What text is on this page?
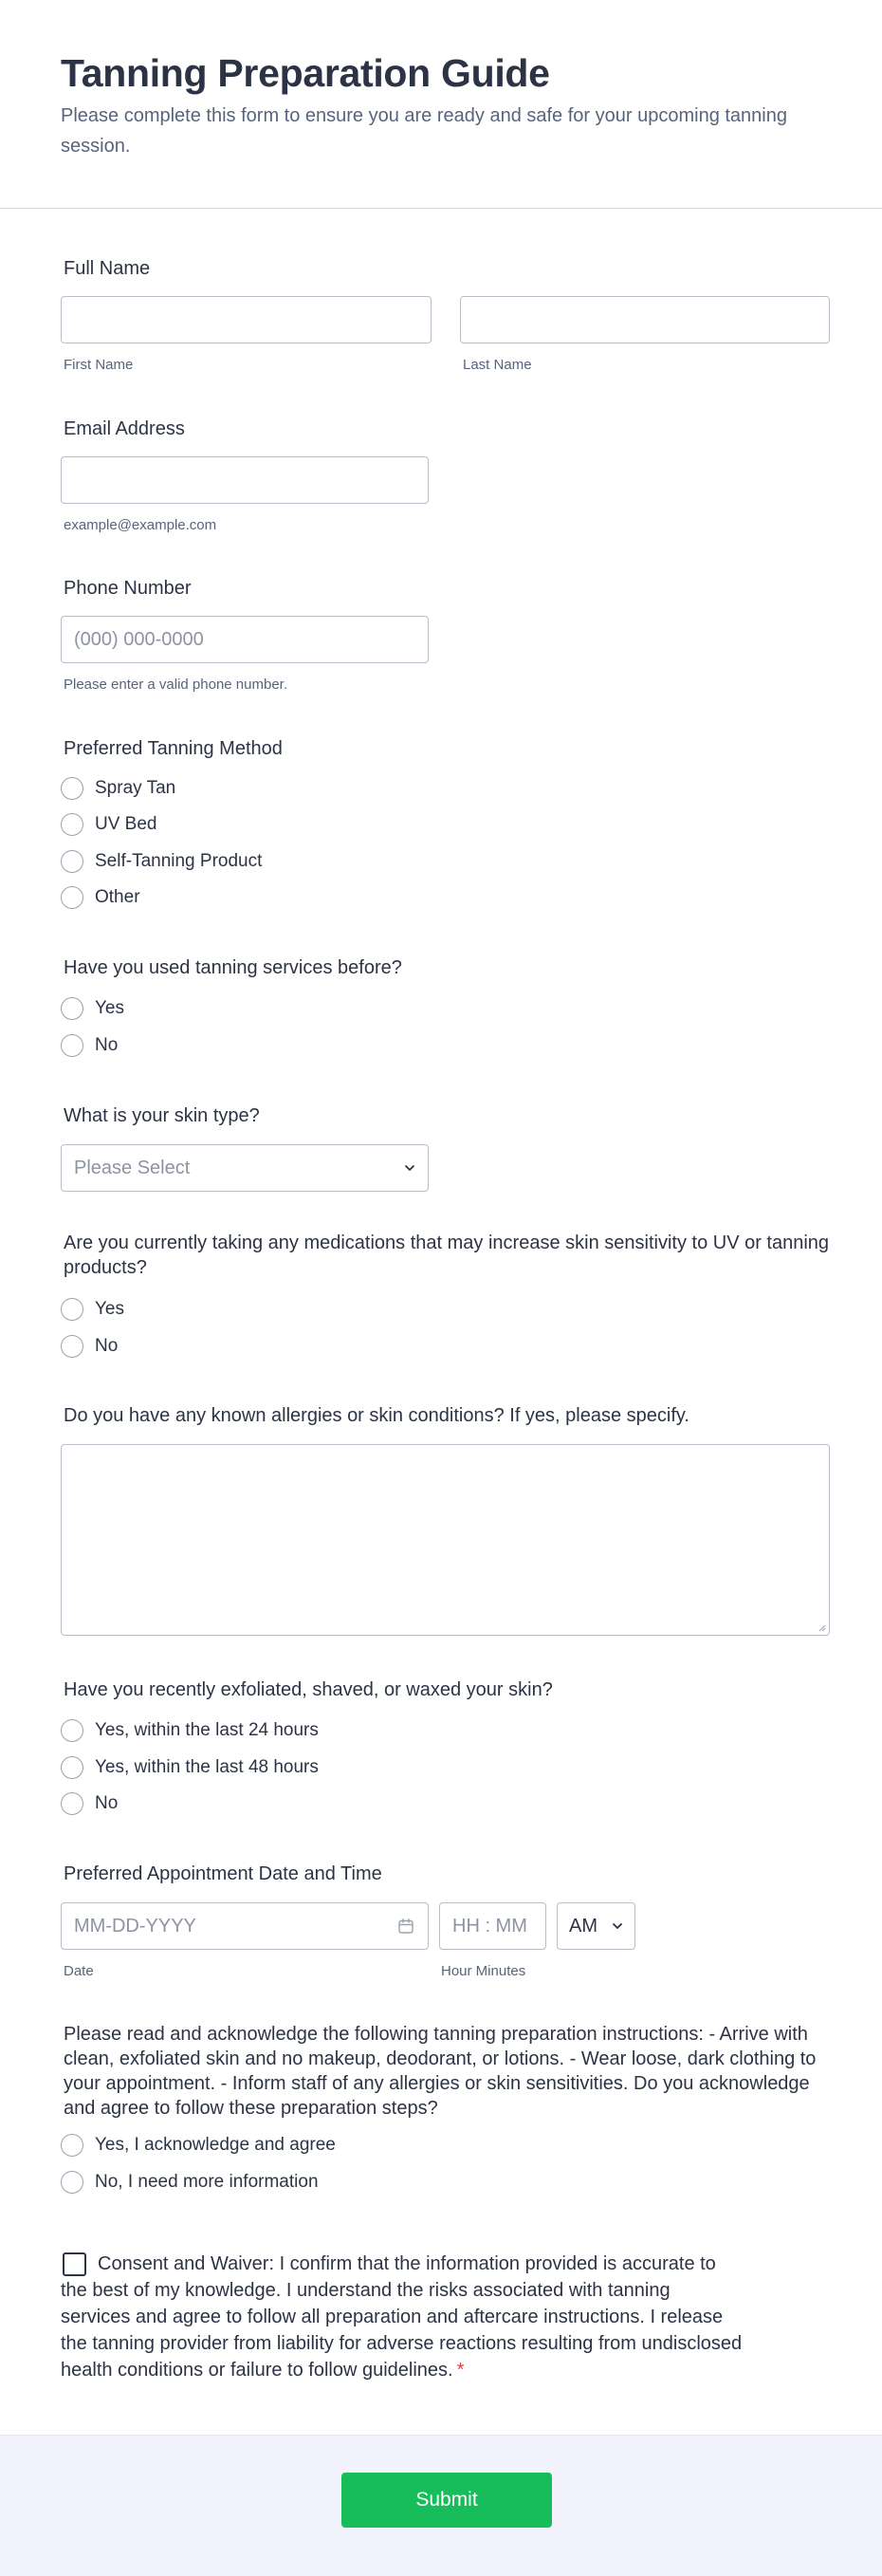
Tanning Preparation Guide
Please complete this form to ensure you are ready and safe for your upcoming tanning session.
Full Name
First Name	Last Name
Email Address
example@example.com
Phone Number
(000) 000-0000
Please enter a valid phone number.
Preferred Tanning Method
Spray Tan
UV Bed
Self-Tanning Product
Other
Have you used tanning services before?
Yes
No
What is your skin type?
Please Select
Are you currently taking any medications that may increase skin sensitivity to UV or tanning products?
Yes
No
Do you have any known allergies or skin conditions? If yes, please specify.
Have you recently exfoliated, shaved, or waxed your skin?
Yes, within the last 24 hours
Yes, within the last 48 hours
No
Preferred Appointment Date and Time
MM-DD-YYYY	HH : MM	AM
Date	Hour Minutes
Please read and acknowledge the following tanning preparation instructions: - Arrive with clean, exfoliated skin and no makeup, deodorant, or lotions. - Wear loose, dark clothing to your appointment. - Inform staff of any allergies or skin sensitivities. Do you acknowledge and agree to follow these preparation steps?
Yes, I acknowledge and agree
No, I need more information
Consent and Waiver: I confirm that the information provided is accurate to the best of my knowledge. I understand the risks associated with tanning services and agree to follow all preparation and aftercare instructions. I release the tanning provider from liability for adverse reactions resulting from undisclosed health conditions or failure to follow guidelines. *
Submit
